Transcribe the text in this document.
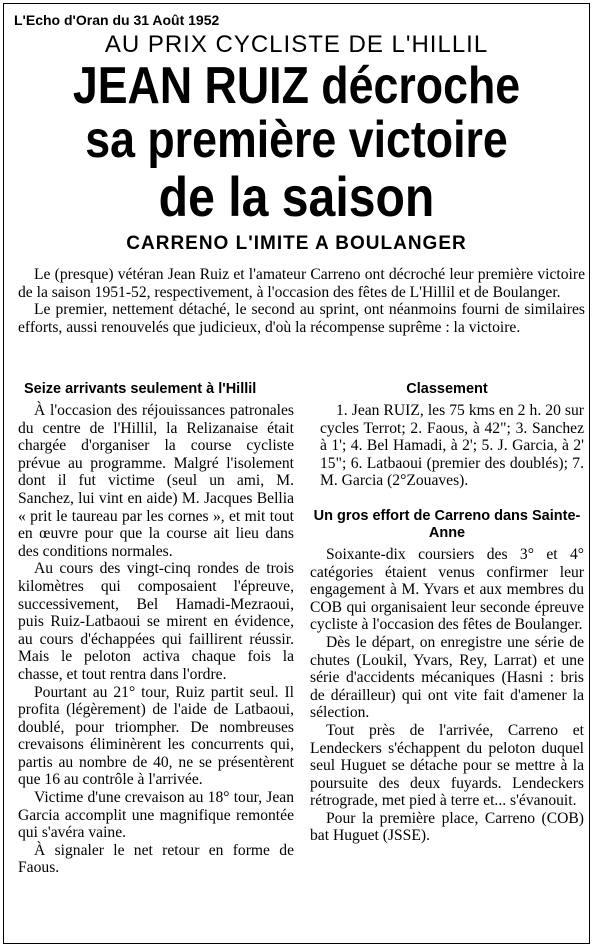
L'Echo d'Oran du 31 Août 1952
AU PRIX CYCLISTE DE L'HILLIL
JEAN RUIZ décroche
sa première victoire
de la saison
CARRENO L'IMITE A BOULANGER

Le (presque) vétéran Jean Ruiz et l'amateur Carreno ont décroché leur première victoire de la saison 1951-52, respectivement, à l'occasion des fêtes de L'Hillil et de Boulanger.

Le premier, nettement détaché, le second au sprint, ont néanmoins fourni de similaires efforts, aussi renouvelés que judicieux, d'où la récompense suprême : la victoire.

Seize arrivants seulement à l'Hillil

À l'occasion des réjouissances patronales du centre de l'Hillil, la Relizanaise était chargée d'organiser la course cycliste prévue au programme. Malgré l'isolement dont il fut victime (seul un ami, M. Sanchez, lui vint en aide) M. Jacques Bellia « prit le taureau par les cornes », et mit tout en œuvre pour que la course ait lieu dans des conditions normales.

Au cours des vingt-cinq rondes de trois kilomètres qui composaient l'épreuve, successivement, Bel Hamadi-Mezraoui, puis Ruiz-Latbaoui se mirent en évidence, au cours d'échappées qui faillirent réussir. Mais le peloton activa chaque fois la chasse, et tout rentra dans l'ordre.

Pourtant au 21° tour, Ruiz partit seul. Il profita (légèrement) de l'aide de Latbaoui, doublé, pour triompher. De nombreuses crevaisons éliminèrent les concurrents qui, partis au nombre de 40, ne se présentèrent que 16 au contrôle à l'arrivée.

Victime d'une crevaison au 18° tour, Jean Garcia accomplit une magnifique remontée qui s'avéra vaine.

À signaler le net retour en forme de Faous.

Classement

1. Jean RUIZ, les 75 kms en 2 h. 20 sur cycles Terrot; 2. Faous, à 42"; 3. Sanchez à 1'; 4. Bel Hamadi, à 2'; 5. J. Garcia, à 2' 15"; 6. Latbaoui (premier des doublés); 7. M. Garcia (2°Zouaves).

Un gros effort de Carreno dans Sainte-Anne

Soixante-dix coursiers des 3° et 4° catégories étaient venus confirmer leur engagement à M. Yvars et aux membres du COB qui organisaient leur seconde épreuve cycliste à l'occasion des fêtes de Boulanger.

Dès le départ, on enregistre une série de chutes (Loukil, Yvars, Rey, Larrat) et une série d'accidents mécaniques (Hasni : bris de dérailleur) qui ont vite fait d'amener la sélection.

Tout près de l'arrivée, Carreno et Lendeckers s'échappent du peloton duquel seul Huguet se détache pour se mettre à la poursuite des deux fuyards. Lendeckers rétrograde, met pied à terre et... s'évanouit.

Pour la première place, Carreno (COB) bat Huguet (JSSE).
